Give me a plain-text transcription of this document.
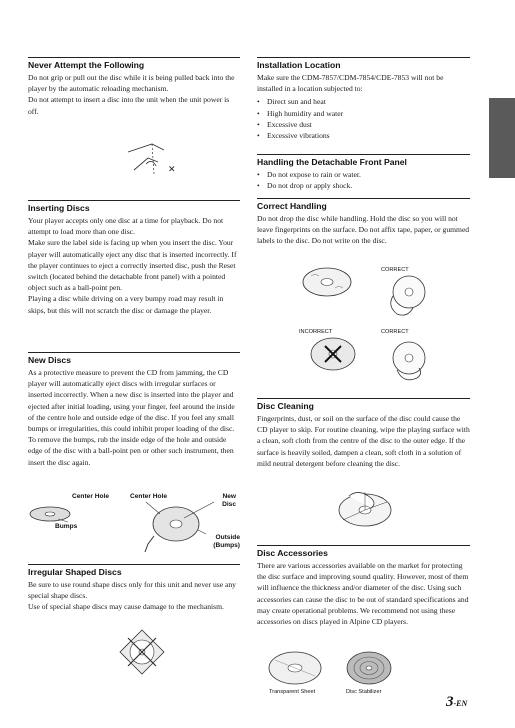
Never Attempt the Following

Do not grip or pull out the disc while it is being pulled back into the player by the automatic reloading mechanism.

Do not attempt to insert a disc into the unit when the unit power is off.

✕
Inserting Discs

Your player accepts only one disc at a time for playback. Do not attempt to load more than one disc.

Make sure the label side is facing up when you insert the disc. Your player will automatically eject any disc that is inserted incorrectly. If the player continues to eject a correctly inserted disc, push the Reset switch (located behind the detachable front panel) with a pointed object such as a ball-point pen.

Playing a disc while driving on a very bumpy road may result in skips, but this will not scratch the disc or damage the player.

New Discs

As a protective measure to prevent the CD from jamming, the CD player will automatically eject discs with irregular surfaces or inserted incorrectly. When a new disc is inserted into the player and ejected after initial loading, using your finger, feel around the inside of the centre hole and outside edge of the disc. If you feel any small bumps or irregularities, this could inhibit proper loading of the disc. To remove the bumps, rub the inside edge of the hole and outside edge of the disc with a ball-point pen or other such instrument, then insert the disc again.

Center Hole	Center Hole	New Disc
Bumps
Outside (Bumps)
Irregular Shaped Discs

Be sure to use round shape discs only for this unit and never use any special shape discs.

Use of special shape discs may cause damage to the mechanism.

Installation Location

Make sure the CDM-7857/CDM-7854/CDE-7853 will not be installed in a location subjected to:

• Direct sun and heat
• High humidity and water
• Excessive dust
• Excessive vibrations
Handling the Detachable Front Panel
• Do not expose to rain or water.
• Do not drop or apply shock.
Correct Handling

Do not drop the disc while handling. Hold the disc so you will not leave fingerprints on the surface. Do not affix tape, paper, or gummed labels to the disc. Do not write on the disc.

CORRECT
INCORRECT	CORRECT
Disc Cleaning

Fingerprints, dust, or soil on the surface of the disc could cause the CD player to skip. For routine cleaning, wipe the playing surface with a clean, soft cloth from the centre of the disc to the outer edge. If the surface is heavily soiled, dampen a clean, soft cloth in a solution of mild neutral detergent before cleaning the disc.

Disc Accessories

There are various accessories available on the market for protecting the disc surface and improving sound quality. However, most of them will influence the thickness and/or diameter of the disc. Using such accessories can cause the disc to be out of standard specifications and may create operational problems. We recommend not using these accessories on discs played in Alpine CD players.

Transparent Sheet	Disc Stabilizer
3-EN
